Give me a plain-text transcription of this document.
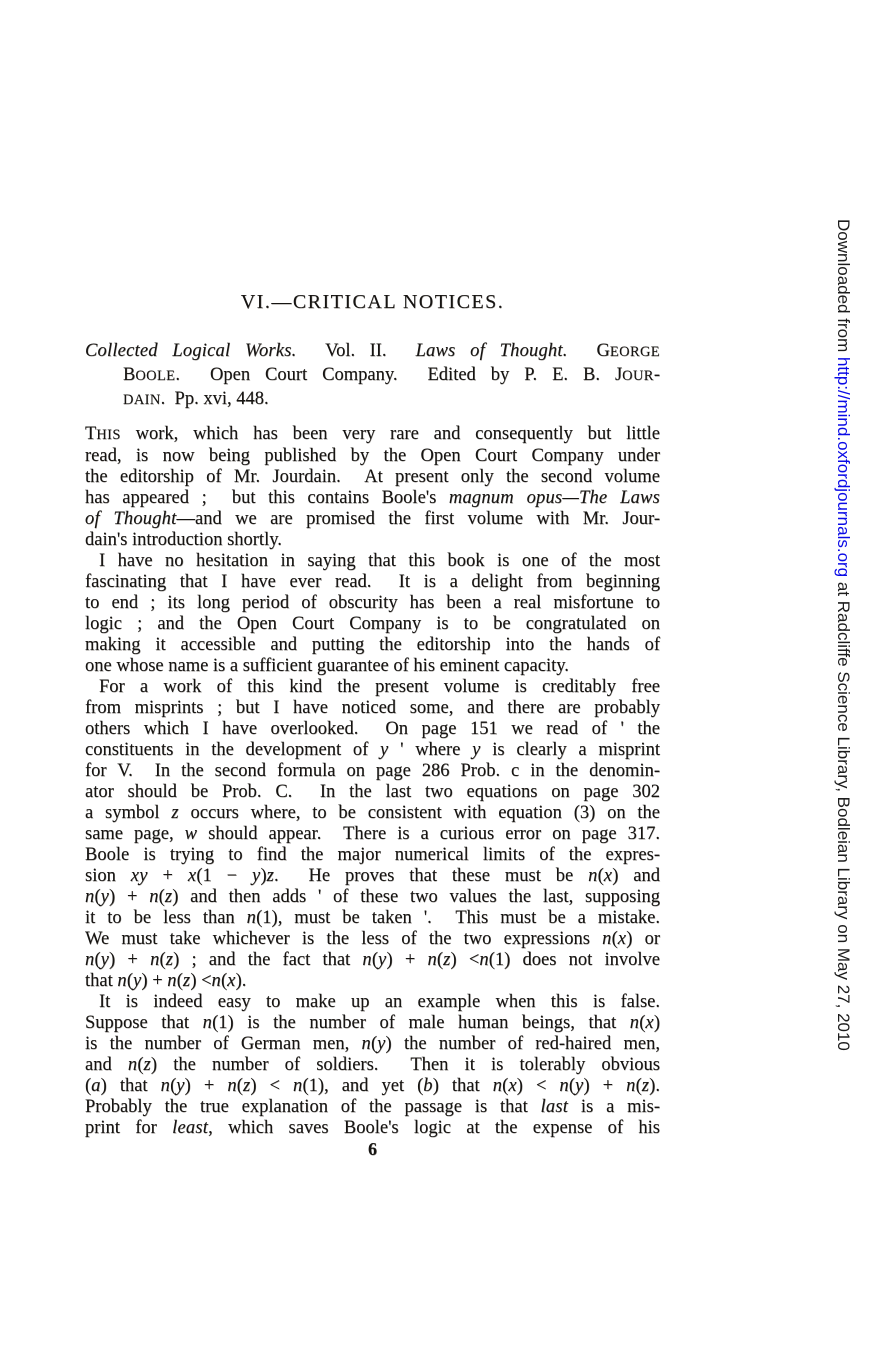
VI.—CRITICAL NOTICES.
Collected Logical Works.  Vol. II.  Laws of Thought.  GEORGE
BOOLE.  Open Court Company.  Edited by P. E. B. JOUR-
DAIN.  Pp. xvi, 448.
THIS work, which has been very rare and consequently but little
read, is now being published by the Open Court Company under
the editorship of Mr. Jourdain.  At present only the second volume
has appeared ;  but this contains Boole's magnum opus—The Laws
of Thought—and we are promised the first volume with Mr. Jour-
dain's introduction shortly.
I have no hesitation in saying that this book is one of the most
fascinating that I have ever read.  It is a delight from beginning
to end ; its long period of obscurity has been a real misfortune to
logic ; and the Open Court Company is to be congratulated on
making it accessible and putting the editorship into the hands of
one whose name is a sufficient guarantee of his eminent capacity.
For a work of this kind the present volume is creditably free
from misprints ; but I have noticed some, and there are probably
others which I have overlooked.  On page 151 we read of ' the
constituents in the development of y ' where y is clearly a misprint
for V.  In the second formula on page 286 Prob. c in the denomin-
ator should be Prob. C.  In the last two equations on page 302
a symbol z occurs where, to be consistent with equation (3) on the
same page, w should appear.  There is a curious error on page 317.
Boole is trying to find the major numerical limits of the expres-
sion xy + x(1 − y)z.  He proves that these must be n(x) and
n(y) + n(z) and then adds ' of these two values the last, supposing
it to be less than n(1), must be taken '.  This must be a mistake.
We must take whichever is the less of the two expressions n(x) or
n(y) + n(z) ; and the fact that n(y) + n(z) <n(1) does not involve
that n(y) + n(z) <n(x).
It is indeed easy to make up an example when this is false.
Suppose that n(1) is the number of male human beings, that n(x)
is the number of German men, n(y) the number of red-haired men,
and n(z) the number of soldiers.  Then it is tolerably obvious
(a) that n(y) + n(z) < n(1), and yet (b) that n(x) < n(y) + n(z).
Probably the true explanation of the passage is that last is a mis-
print for least, which saves Boole's logic at the expense of his
6
Downloaded from http://mind.oxfordjournals.org at Radcliffe Science Library, Bodleian Library on May 27, 2010
